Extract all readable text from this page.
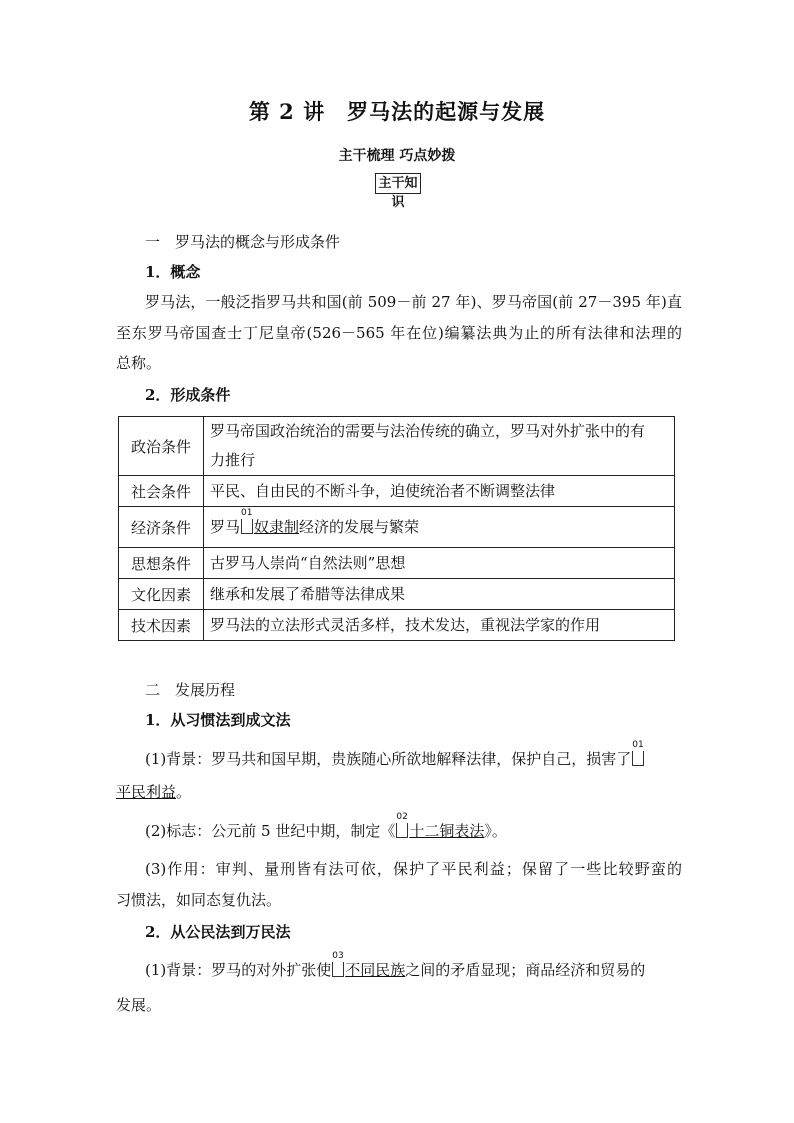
第 2 讲 罗马法的起源与发展
主干梳理 巧点妙拨
主干知识
一　罗马法的概念与形成条件
1．概念
罗马法，一般泛指罗马共和国(前 509－前 27 年)、罗马帝国(前 27－395 年)直
至东罗马帝国查士丁尼皇帝(526－565 年在位)编纂法典为止的所有法律和法理的
总称。
2．形成条件
政治条件	罗马帝国政治统治的需要与法治传统的确立，罗马对外扩张中的有
力推行
社会条件	平民、自由民的不断斗争，迫使统治者不断调整法律
经济条件	罗马
01
奴隶制经济的发展与繁荣
思想条件	古罗马人崇尚“自然法则”思想
文化因素	继承和发展了希腊等法律成果
技术因素	罗马法的立法形式灵活多样，技术发达，重视法学家的作用
二　发展历程
1．从习惯法到成文法
(1)背景：罗马共和国早期，贵族随心所欲地解释法律，保护自己，损害了
01
平民利益。
(2)标志：公元前 5 世纪中期，制定《
02
十二铜表法》。
(3)作用：审判、量刑皆有法可依，保护了平民利益；保留了一些比较野蛮的
习惯法，如同态复仇法。
2．从公民法到万民法
(1)背景：罗马的对外扩张使
03
不同民族之间的矛盾显现；商品经济和贸易的
发展。
